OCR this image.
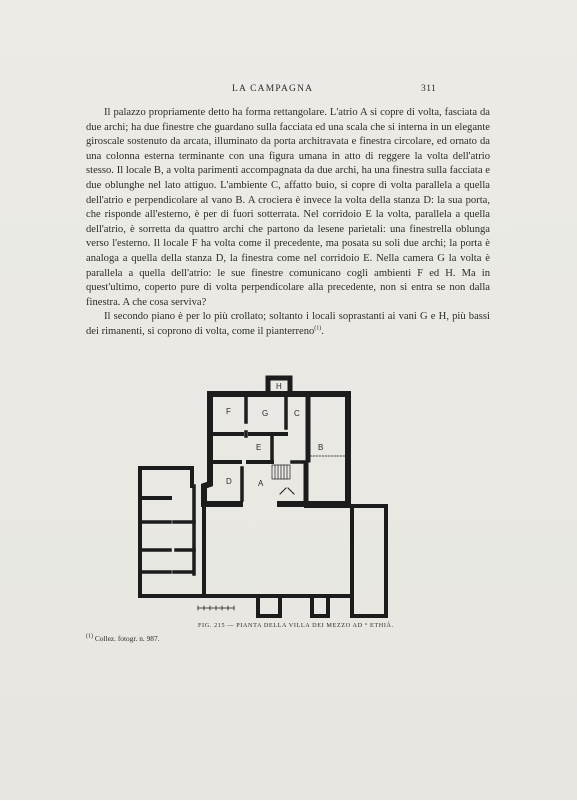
LA CAMPAGNA	311

Il palazzo propriamente detto ha forma rettangolare. L'atrio A si copre di volta, fasciata da due archi; ha due finestre che guardano sulla facciata ed una scala che si interna in un elegante giroscale sostenuto da arcata, illuminato da porta architravata e finestra circolare, ed ornato da una colonna esterna terminante con una figura umana in atto di reggere la volta dell'atrio stesso. Il locale B, a volta parimenti accompagnata da due archi, ha una finestra sulla facciata e due oblunghe nel lato attiguo. L'ambiente C, affatto buio, si copre di volta parallela a quella dell'atrio e perpendicolare al vano B. A crociera è invece la volta della stanza D: la sua porta, che risponde all'esterno, è per di fuori sotterrata. Nel corridoio E la volta, parallela a quella dell'atrio, è sorretta da quattro archi che partono da lesene parietali: una finestrella oblunga verso l'esterno. Il locale F ha volta come il precedente, ma posata su soli due archi; la porta è analoga a quella della stanza D, la finestra come nel corridoio E. Nella camera G la volta è parallela a quella dell'atrio: le sue finestre comunicano cogli ambienti F ed H. Ma in quest'ultimo, coperto pure di volta perpendicolare alla precedente, non si entra se non dalla finestra. A che cosa serviva?

Il secondo piano è per lo più crollato; soltanto i locali soprastanti ai vani G e H, più bassi dei rimanenti, si coprono di volta, come il pianterreno$^{(1)}$.

H
F	G	C
E	B
D	A
FIG. 215 — PIANTA DELLA VILLA DEI MEZZO AD ° ETHIÀ.
$^{(1)}$ Collez. fotogr. n. 987.
